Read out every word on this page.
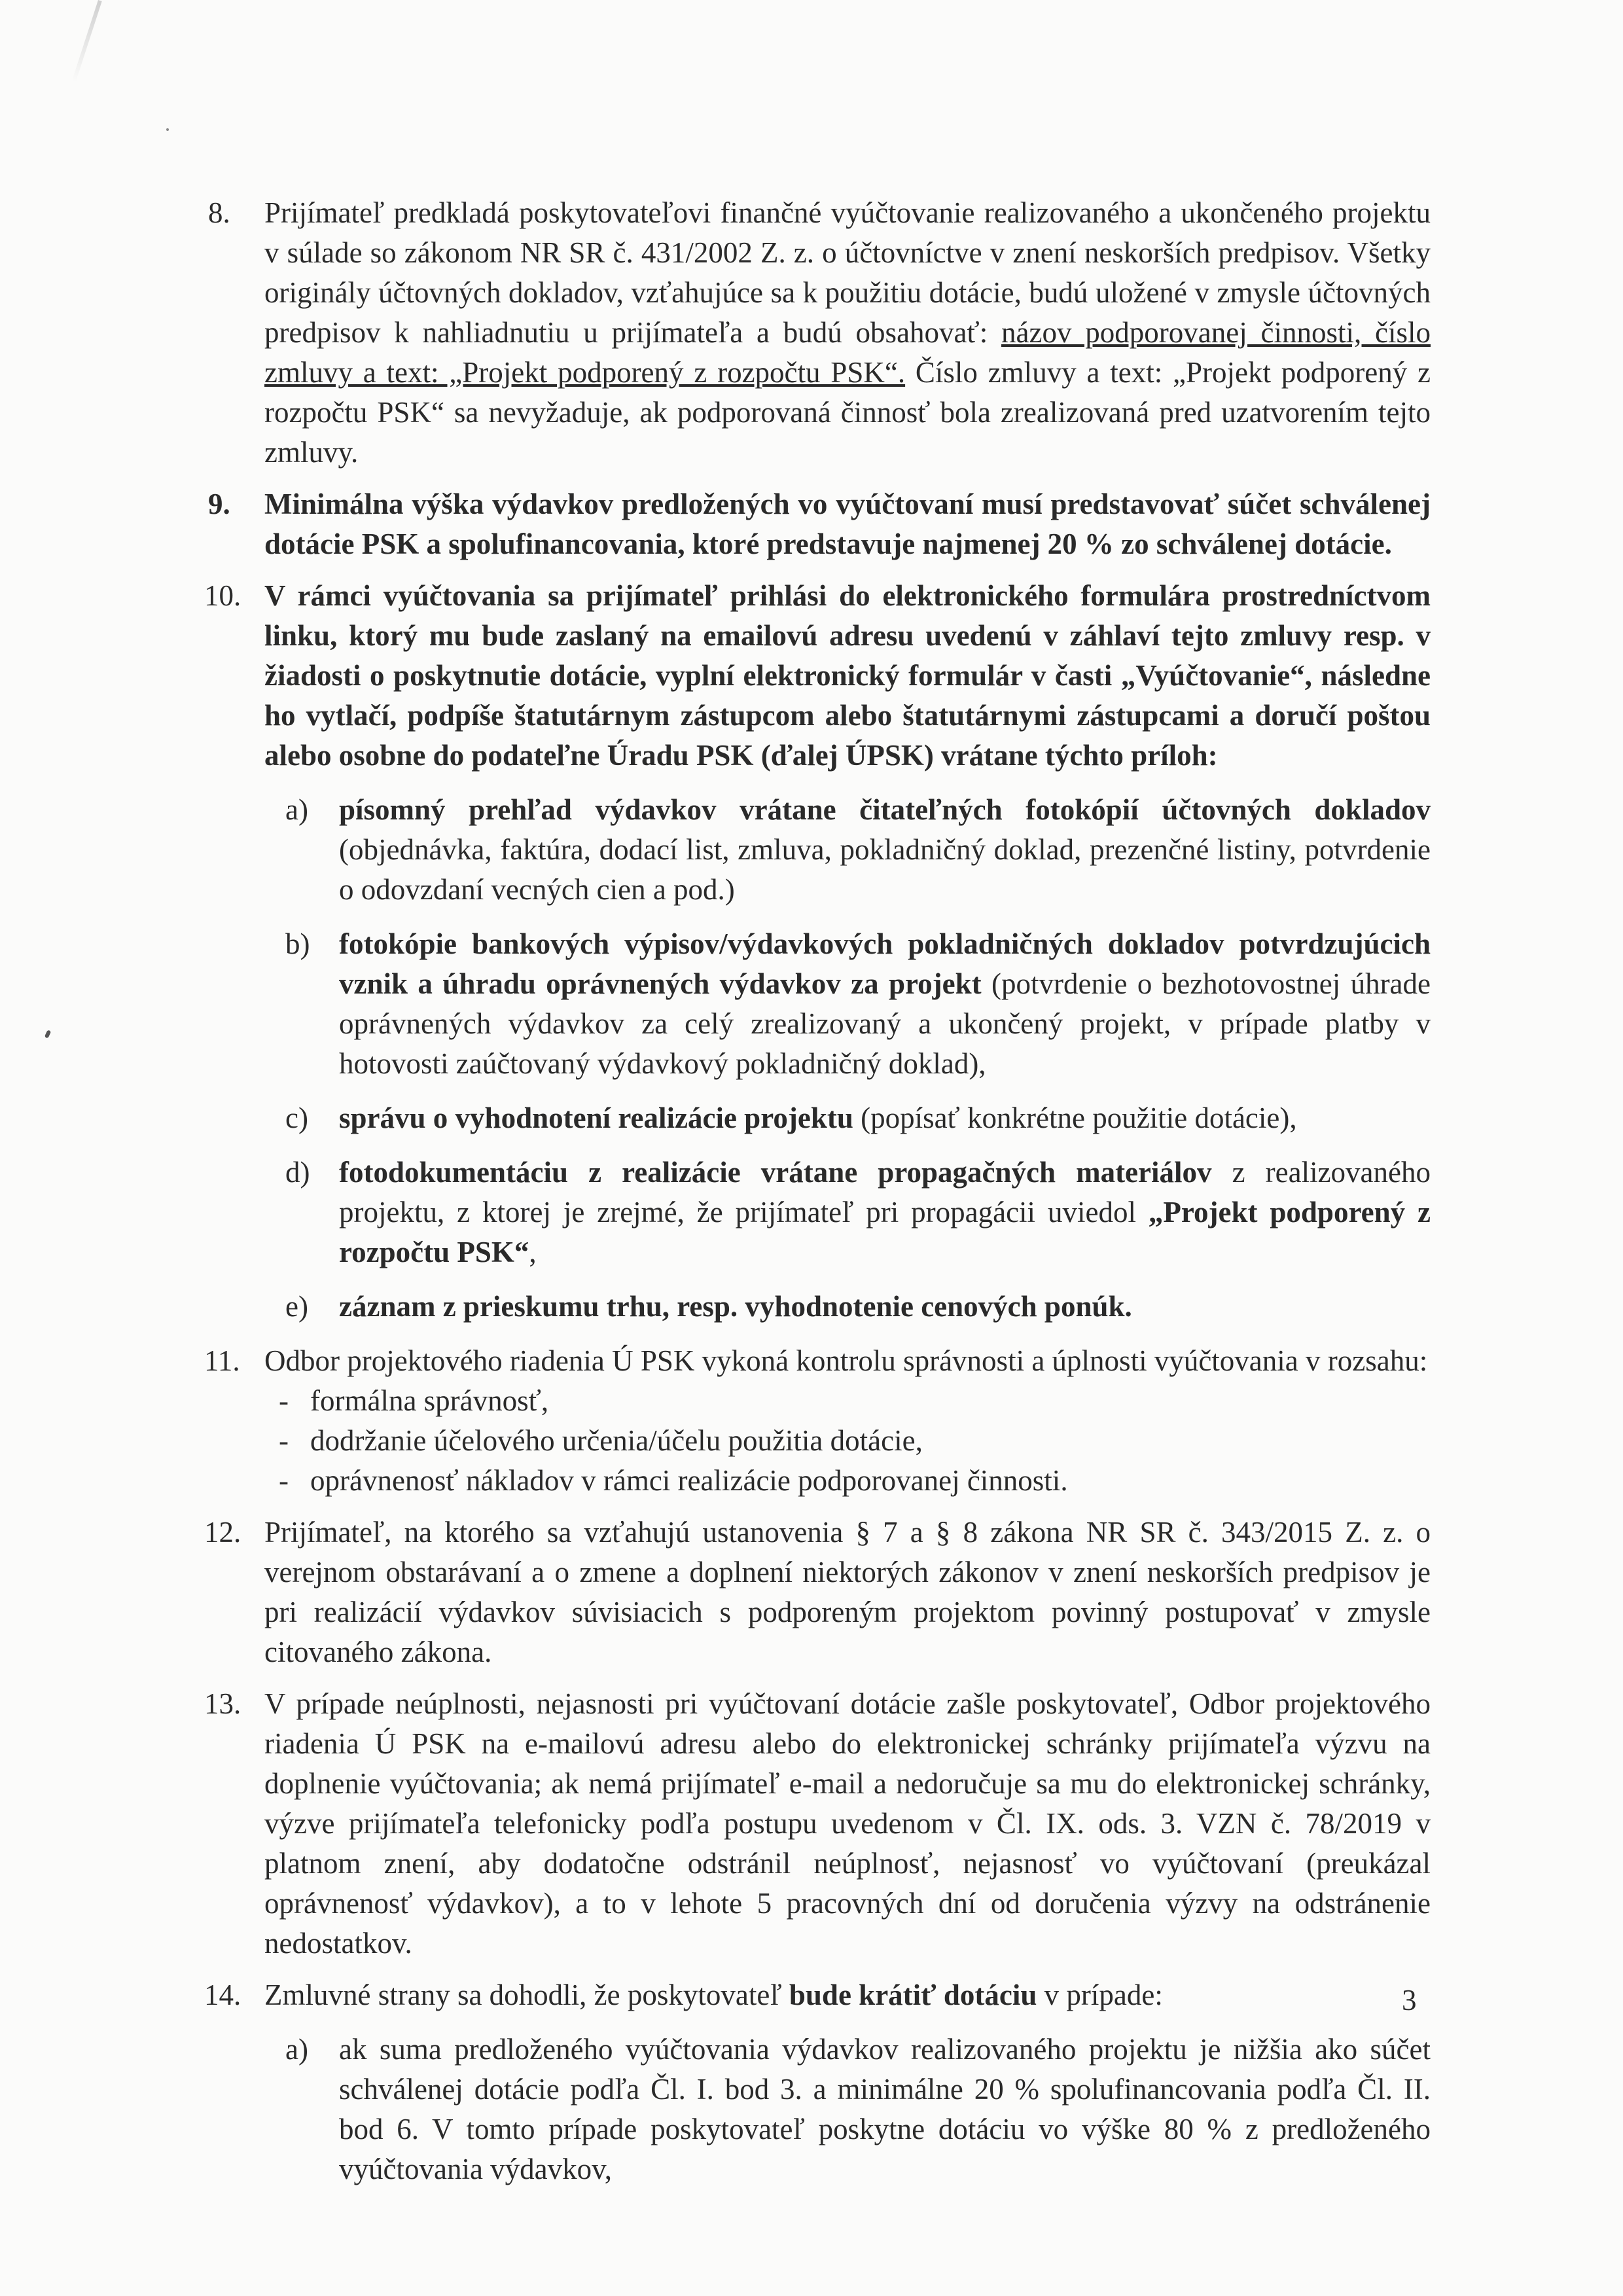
8. Prijímateľ predkladá poskytovateľovi finančné vyúčtovanie realizovaného a ukončeného projektu v súlade so zákonom NR SR č. 431/2002 Z. z. o účtovníctve v znení neskorších predpisov. Všetky originály účtovných dokladov, vzťahujúce sa k použitiu dotácie, budú uložené v zmysle účtovných predpisov k nahliadnutiu u prijímateľa a budú obsahovať: názov podporovanej činnosti, číslo zmluvy a text: „Projekt podporený z rozpočtu PSK“. Číslo zmluvy a text: „Projekt podporený z rozpočtu PSK“ sa nevyžaduje, ak podporovaná činnosť bola zrealizovaná pred uzatvorením tejto zmluvy.
9. Minimálna výška výdavkov predložených vo vyúčtovaní musí predstavovať súčet schválenej dotácie PSK a spolufinancovania, ktoré predstavuje najmenej 20 % zo schválenej dotácie.
10. V rámci vyúčtovania sa prijímateľ prihlási do elektronického formulára prostredníctvom linku, ktorý mu bude zaslaný na emailovú adresu uvedenú v záhlaví tejto zmluvy resp. v žiadosti o poskytnutie dotácie, vyplní elektronický formulár v časti „Vyúčtovanie“, následne ho vytlačí, podpíše štatutárnym zástupcom alebo štatutárnymi zástupcami a doručí poštou alebo osobne do podateľne Úradu PSK (ďalej ÚPSK) vrátane týchto príloh:
a) písomný prehľad výdavkov vrátane čitateľných fotokópií účtovných dokladov (objednávka, faktúra, dodací list, zmluva, pokladničný doklad, prezenčné listiny, potvrdenie o odovzdaní vecných cien a pod.)
b) fotokópie bankových výpisov/výdavkových pokladničných dokladov potvrdzujúcich vznik a úhradu oprávnených výdavkov za projekt (potvrdenie o bezhotovostnej úhrade oprávnených výdavkov za celý zrealizovaný a ukončený projekt, v prípade platby v hotovosti zaúčtovaný výdavkový pokladničný doklad),
c) správu o vyhodnotení realizácie projektu (popísať konkrétne použitie dotácie),
d) fotodokumentáciu z realizácie vrátane propagačných materiálov z realizovaného projektu, z ktorej je zrejmé, že prijímateľ pri propagácii uviedol „Projekt podporený z rozpočtu PSK“,
e) záznam z prieskumu trhu, resp. vyhodnotenie cenových ponúk.
11. Odbor projektového riadenia Ú PSK vykoná kontrolu správnosti a úplnosti vyúčtovania v rozsahu:
- formálna správnosť,
- dodržanie účelového určenia/účelu použitia dotácie,
- oprávnenosť nákladov v rámci realizácie podporovanej činnosti.
12. Prijímateľ, na ktorého sa vzťahujú ustanovenia § 7 a § 8 zákona NR SR č. 343/2015 Z. z. o verejnom obstarávaní a o zmene a doplnení niektorých zákonov v znení neskorších predpisov je pri realizácií výdavkov súvisiacich s podporeným projektom povinný postupovať v zmysle citovaného zákona.
13. V prípade neúplnosti, nejasnosti pri vyúčtovaní dotácie zašle poskytovateľ, Odbor projektového riadenia Ú PSK na e-mailovú adresu alebo do elektronickej schránky prijímateľa výzvu na doplnenie vyúčtovania; ak nemá prijímateľ e-mail a nedoručuje sa mu do elektronickej schránky, výzve prijímateľa telefonicky podľa postupu uvedenom v Čl. IX. ods. 3. VZN č. 78/2019 v platnom znení, aby dodatočne odstránil neúplnosť, nejasnosť vo vyúčtovaní (preukázal oprávnenosť výdavkov), a to v lehote 5 pracovných dní od doručenia výzvy na odstránenie nedostatkov.
14. Zmluvné strany sa dohodli, že poskytovateľ bude krátiť dotáciu v prípade:
a) ak suma predloženého vyúčtovania výdavkov realizovaného projektu je nižšia ako súčet schválenej dotácie podľa Čl. I. bod 3. a minimálne 20 % spolufinancovania podľa Čl. II. bod 6. V tomto prípade poskytovateľ poskytne dotáciu vo výške 80 % z predloženého vyúčtovania výdavkov,
3
